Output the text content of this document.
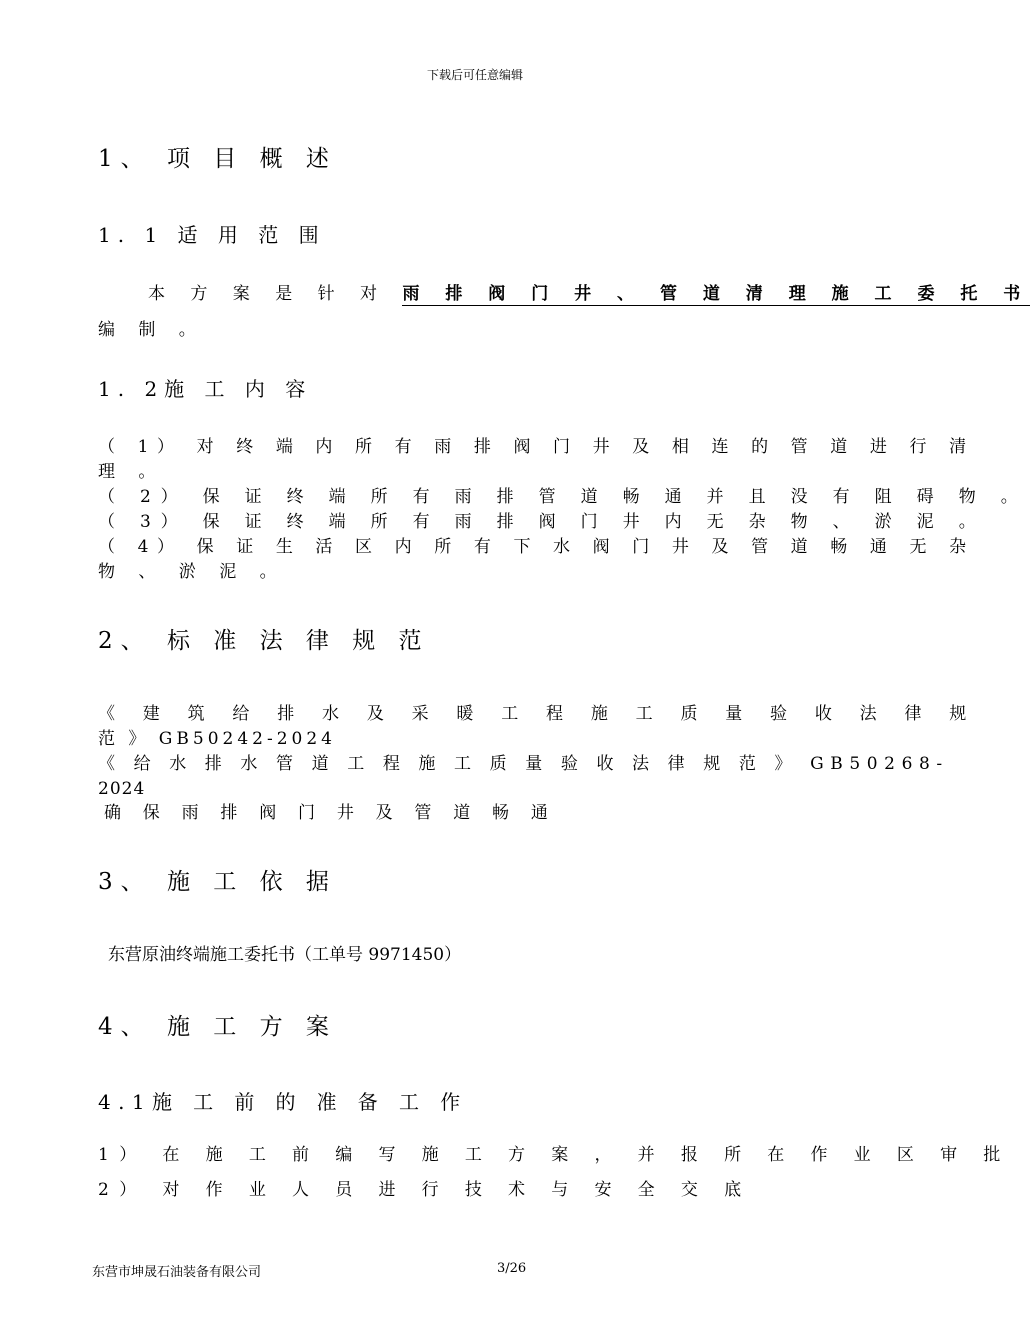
下载后可任意编辑
1、 项 目 概 述
1. 1 适 用 范 围
本 方 案 是 针 对 雨 排 阀 门 井 、 管 道 清 理 施 工 委 托 书
编 制 。
1. 2施 工 内 容
（ 1） 对 终 端 内 所 有 雨 排 阀 门 井 及 相 连 的 管 道 进 行 清
理 。
（ 2） 保 证 终 端 所 有 雨 排 管 道 畅 通 并 且 没 有 阻 碍 物 。
（ 3） 保 证 终 端 所 有 雨 排 阀 门 井 内 无 杂 物 、 淤 泥 。
（ 4） 保 证 生 活 区 内 所 有 下 水 阀 门 井 及 管 道 畅 通 无 杂
物 、 淤 泥 。
2、 标 准 法 律 规 范
《 建 筑 给 排 水 及 采 暖 工 程 施 工 质 量 验 收 法 律 规
范 》 GB50242-2024
《 给 水 排 水 管 道 工 程 施 工 质 量 验 收 法 律 规 范 》 GB50268-
2024
确 保 雨 排 阀 门 井 及 管 道 畅 通
3、 施 工 依 据
东营原油终端施工委托书（工单号 9971450）
4、 施 工 方 案
4.1施 工 前 的 准 备 工 作
1） 在 施 工 前 编 写 施 工 方 案 ， 并 报 所 在 作 业 区 审 批
2） 对 作 业 人 员 进 行 技 术 与 安 全 交 底
东营市坤晟石油装备有限公司	3/26
